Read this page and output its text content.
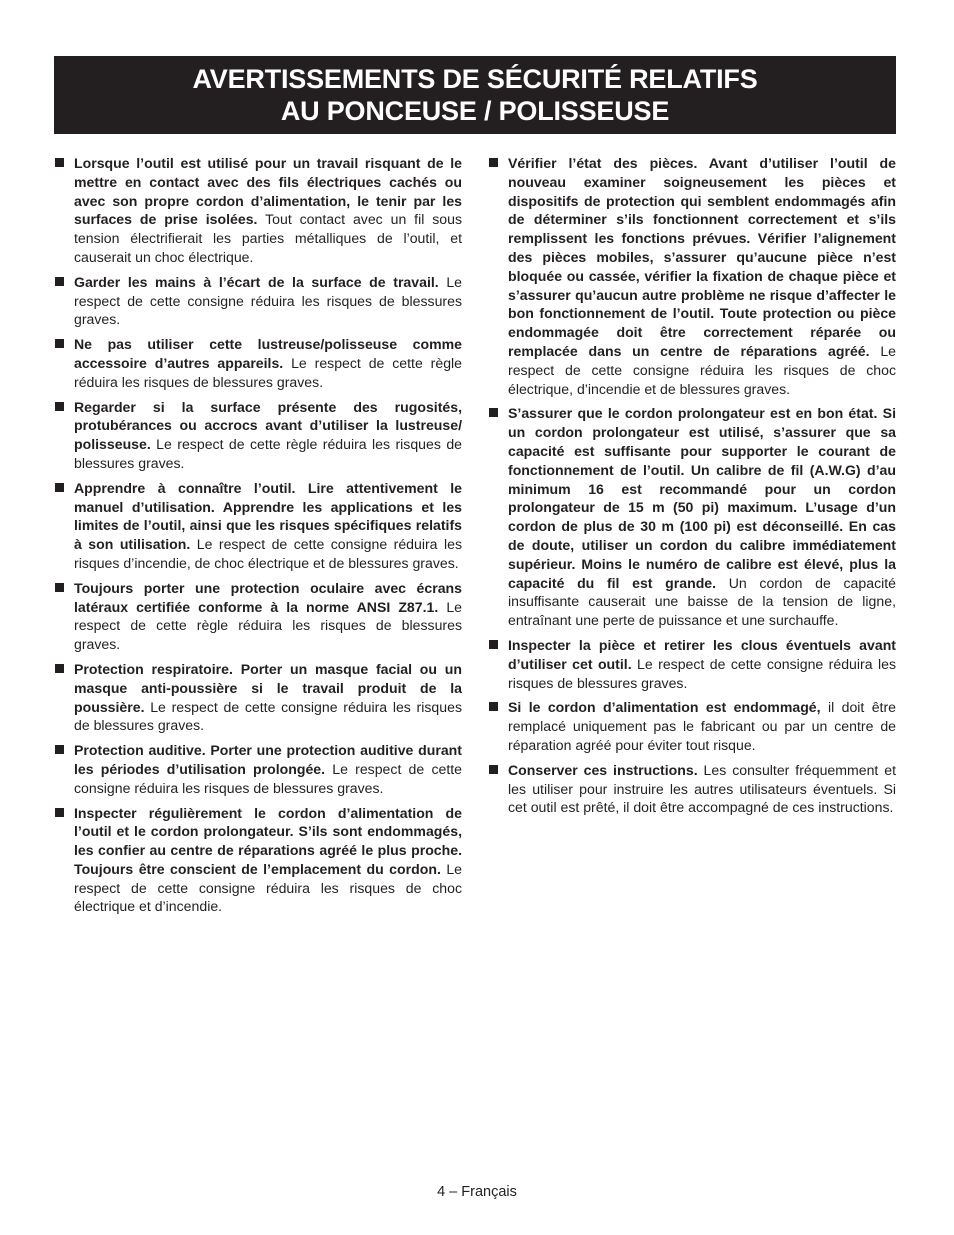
AVERTISSEMENTS DE SÉCURITÉ RELATIFS
AU PONCEUSE / POLISSEUSE
Lorsque l’outil est utilisé pour un travail risquant de le mettre en contact avec des fils électriques cachés ou avec son propre cordon d’alimentation, le tenir par les surfaces de prise isolées. Tout contact avec un fil sous tension électrifierait les parties métalliques de l’outil, et causerait un choc électrique.
Garder les mains à l’écart de la surface de travail. Le respect de cette consigne réduira les risques de blessures graves.
Ne pas utiliser cette lustreuse/polisseuse comme accessoire d’autres appareils. Le respect de cette règle réduira les risques de blessures graves.
Regarder si la surface présente des rugosités, protubérances ou accrocs avant d’utiliser la lustreuse/ polisseuse. Le respect de cette règle réduira les risques de blessures graves.
Apprendre à connaître l’outil. Lire attentivement le manuel d’utilisation. Apprendre les applications et les limites de l’outil, ainsi que les risques spécifiques relatifs à son utilisation. Le respect de cette consigne réduira les risques d’incendie, de choc électrique et de blessures graves.
Toujours porter une protection oculaire avec écrans latéraux certifiée conforme à la norme ANSI Z87.1. Le respect de cette règle réduira les risques de blessures graves.
Protection respiratoire. Porter un masque facial ou un masque anti-poussière si le travail produit de la poussière. Le respect de cette consigne réduira les risques de blessures graves.
Protection auditive. Porter une protection auditive durant les périodes d’utilisation prolongée. Le respect de cette consigne réduira les risques de blessures graves.
Inspecter régulièrement le cordon d’alimentation de l’outil et le cordon prolongateur. S’ils sont endommagés, les confier au centre de réparations agréé le plus proche. Toujours être conscient de l’emplacement du cordon. Le respect de cette consigne réduira les risques de choc électrique et d’incendie.
Vérifier l’état des pièces. Avant d’utiliser l’outil de nouveau examiner soigneusement les pièces et dispositifs de protection qui semblent endommagés afin de déterminer s’ils fonctionnent correctement et s’ils remplissent les fonctions prévues. Vérifier l’alignement des pièces mobiles, s’assurer qu’aucune pièce n’est bloquée ou cassée, vérifier la fixation de chaque pièce et s’assurer qu’aucun autre problème ne risque d’affecter le bon fonctionnement de l’outil. Toute protection ou pièce endommagée doit être correctement réparée ou remplacée dans un centre de réparations agréé. Le respect de cette consigne réduira les risques de choc électrique, d’incendie et de blessures graves.
S’assurer que le cordon prolongateur est en bon état. Si un cordon prolongateur est utilisé, s’assurer que sa capacité est suffisante pour supporter le courant de fonctionnement de l’outil. Un calibre de fil (A.W.G) d’au minimum 16 est recommandé pour un cordon prolongateur de 15 m (50 pi) maximum. L’usage d’un cordon de plus de 30 m (100 pi) est déconseillé. En cas de doute, utiliser un cordon du calibre immédiatement supérieur. Moins le numéro de calibre est élevé, plus la capacité du fil est grande. Un cordon de capacité insuffisante causerait une baisse de la tension de ligne, entraînant une perte de puissance et une surchauffe.
Inspecter la pièce et retirer les clous éventuels avant d’utiliser cet outil. Le respect de cette consigne réduira les risques de blessures graves.
Si le cordon d’alimentation est endommagé, il doit être remplacé uniquement pas le fabricant ou par un centre de réparation agréé pour éviter tout risque.
Conserver ces instructions. Les consulter fréquemment et les utiliser pour instruire les autres utilisateurs éventuels. Si cet outil est prêté, il doit être accompagné de ces instructions.
4 – Français
